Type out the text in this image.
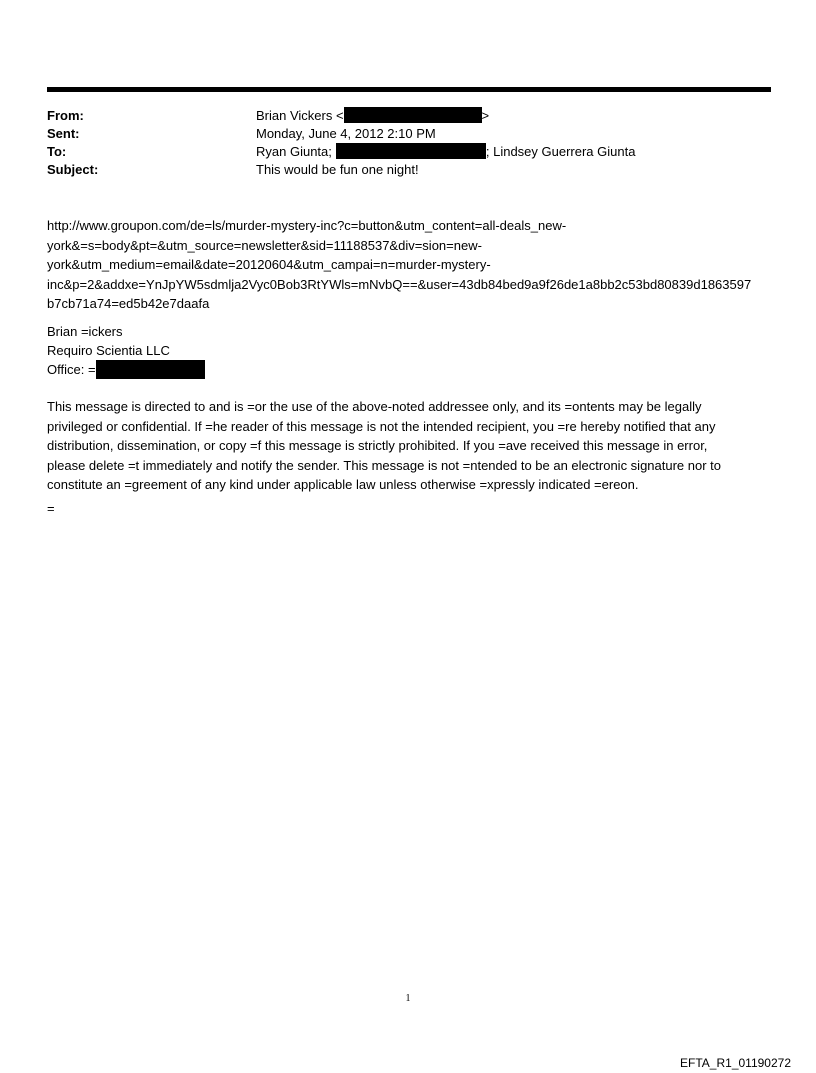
From:	Brian Vickers <	>
Sent:	Monday, June 4, 2012 2:10 PM
To:	Ryan Giunta;	; Lindsey Guerrera Giunta
Subject:	This would be fun one night!
http://www.groupon.com/de=ls/murder-mystery-inc?c=button&utm_content=all-deals_new-
york&=s=body&pt=&utm_source=newsletter&sid=11188537&div=sion=new-
york&utm_medium=email&date=20120604&utm_campai=n=murder-mystery-
inc&p=2&addxe=YnJpYW5sdmlja2Vyc0Bob3RtYWls=mNvbQ==&user=43db84bed9a9f26de1a8bb2c53bd80839d1863597
b7cb71a74=ed5b42e7daafa
Brian =ickers
Requiro Scientia LLC
Office: =
This message is directed to and is =or the use of the above-noted addressee only, and its =ontents may be legally
privileged or confidential. If =he reader of this message is not the intended recipient, you =re hereby notified that any
distribution, dissemination, or copy =f this message is strictly prohibited. If you =ave received this message in error,
please delete =t immediately and notify the sender. This message is not =ntended to be an electronic signature nor to
constitute an =greement of any kind under applicable law unless otherwise =xpressly indicated =ereon.
=
1
EFTA_R1_01190272
